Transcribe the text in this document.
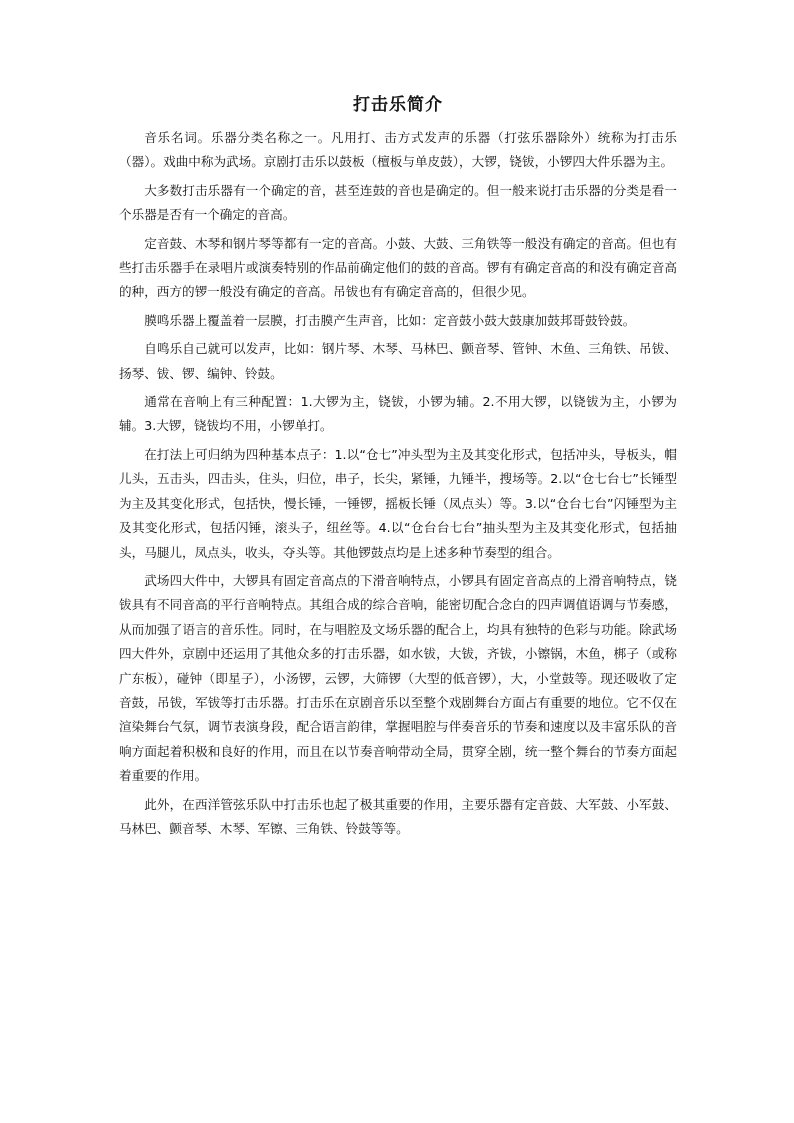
打击乐简介

音乐名词。乐器分类名称之一。凡用打、击方式发声的乐器（打弦乐器除外）统称为打击乐（器）。戏曲中称为武场。京剧打击乐以鼓板（檀板与单皮鼓），大锣，铙钹，小锣四大件乐器为主。

大多数打击乐器有一个确定的音，甚至连鼓的音也是确定的。但一般来说打击乐器的分类是看一个乐器是否有一个确定的音高。

定音鼓、木琴和钢片琴等都有一定的音高。小鼓、大鼓、三角铁等一般没有确定的音高。但也有些打击乐器手在录唱片或演奏特别的作品前确定他们的鼓的音高。锣有有确定音高的和没有确定音高的种，西方的锣一般没有确定的音高。吊钹也有有确定音高的，但很少见。

膜鸣乐器上覆盖着一层膜，打击膜产生声音，比如：定音鼓小鼓大鼓康加鼓邦哥鼓铃鼓。

自鸣乐自己就可以发声，比如：钢片琴、木琴、马林巴、颤音琴、管钟、木鱼、三角铁、吊钹、扬琴、钹、锣、编钟、铃鼓。

通常在音响上有三种配置：1.大锣为主，铙钹，小锣为辅。2.不用大锣，以铙钹为主，小锣为辅。3.大锣，铙钹均不用，小锣单打。

在打法上可归纳为四种基本点子：1.以“仓七”冲头型为主及其变化形式，包括冲头，导板头，帽儿头，五击头，四击头，住头，归位，串子，长尖，紧锤，九锤半，搜场等。2.以“仓七台七”长锤型为主及其变化形式，包括快，慢长锤，一锤锣，摇板长锤（凤点头）等。3.以“仓台七台”闪锤型为主及其变化形式，包括闪锤，滚头子，纽丝等。4.以“仓台台七台”抽头型为主及其变化形式，包括抽头，马腿儿，凤点头，收头，夺头等。其他锣鼓点均是上述多种节奏型的组合。

武场四大件中，大锣具有固定音高点的下滑音响特点，小锣具有固定音高点的上滑音响特点，铙钹具有不同音高的平行音响特点。其组合成的综合音响，能密切配合念白的四声调值语调与节奏感，从而加强了语言的音乐性。同时，在与唱腔及文场乐器的配合上，均具有独特的色彩与功能。除武场四大件外，京剧中还运用了其他众多的打击乐器，如水钹，大钹，齐钹，小镲锅，木鱼，梆子（或称广东板），碰钟（即星子），小汤锣，云锣，大筛锣（大型的低音锣），大，小堂鼓等。现还吸收了定音鼓，吊钹，军钹等打击乐器。打击乐在京剧音乐以至整个戏剧舞台方面占有重要的地位。它不仅在渲染舞台气氛，调节表演身段，配合语言韵律，掌握唱腔与伴奏音乐的节奏和速度以及丰富乐队的音响方面起着积极和良好的作用，而且在以节奏音响带动全局，贯穿全剧，统一整个舞台的节奏方面起着重要的作用。

此外，在西洋管弦乐队中打击乐也起了极其重要的作用，主要乐器有定音鼓、大军鼓、小军鼓、马林巴、颤音琴、木琴、军镲、三角铁、铃鼓等等。
